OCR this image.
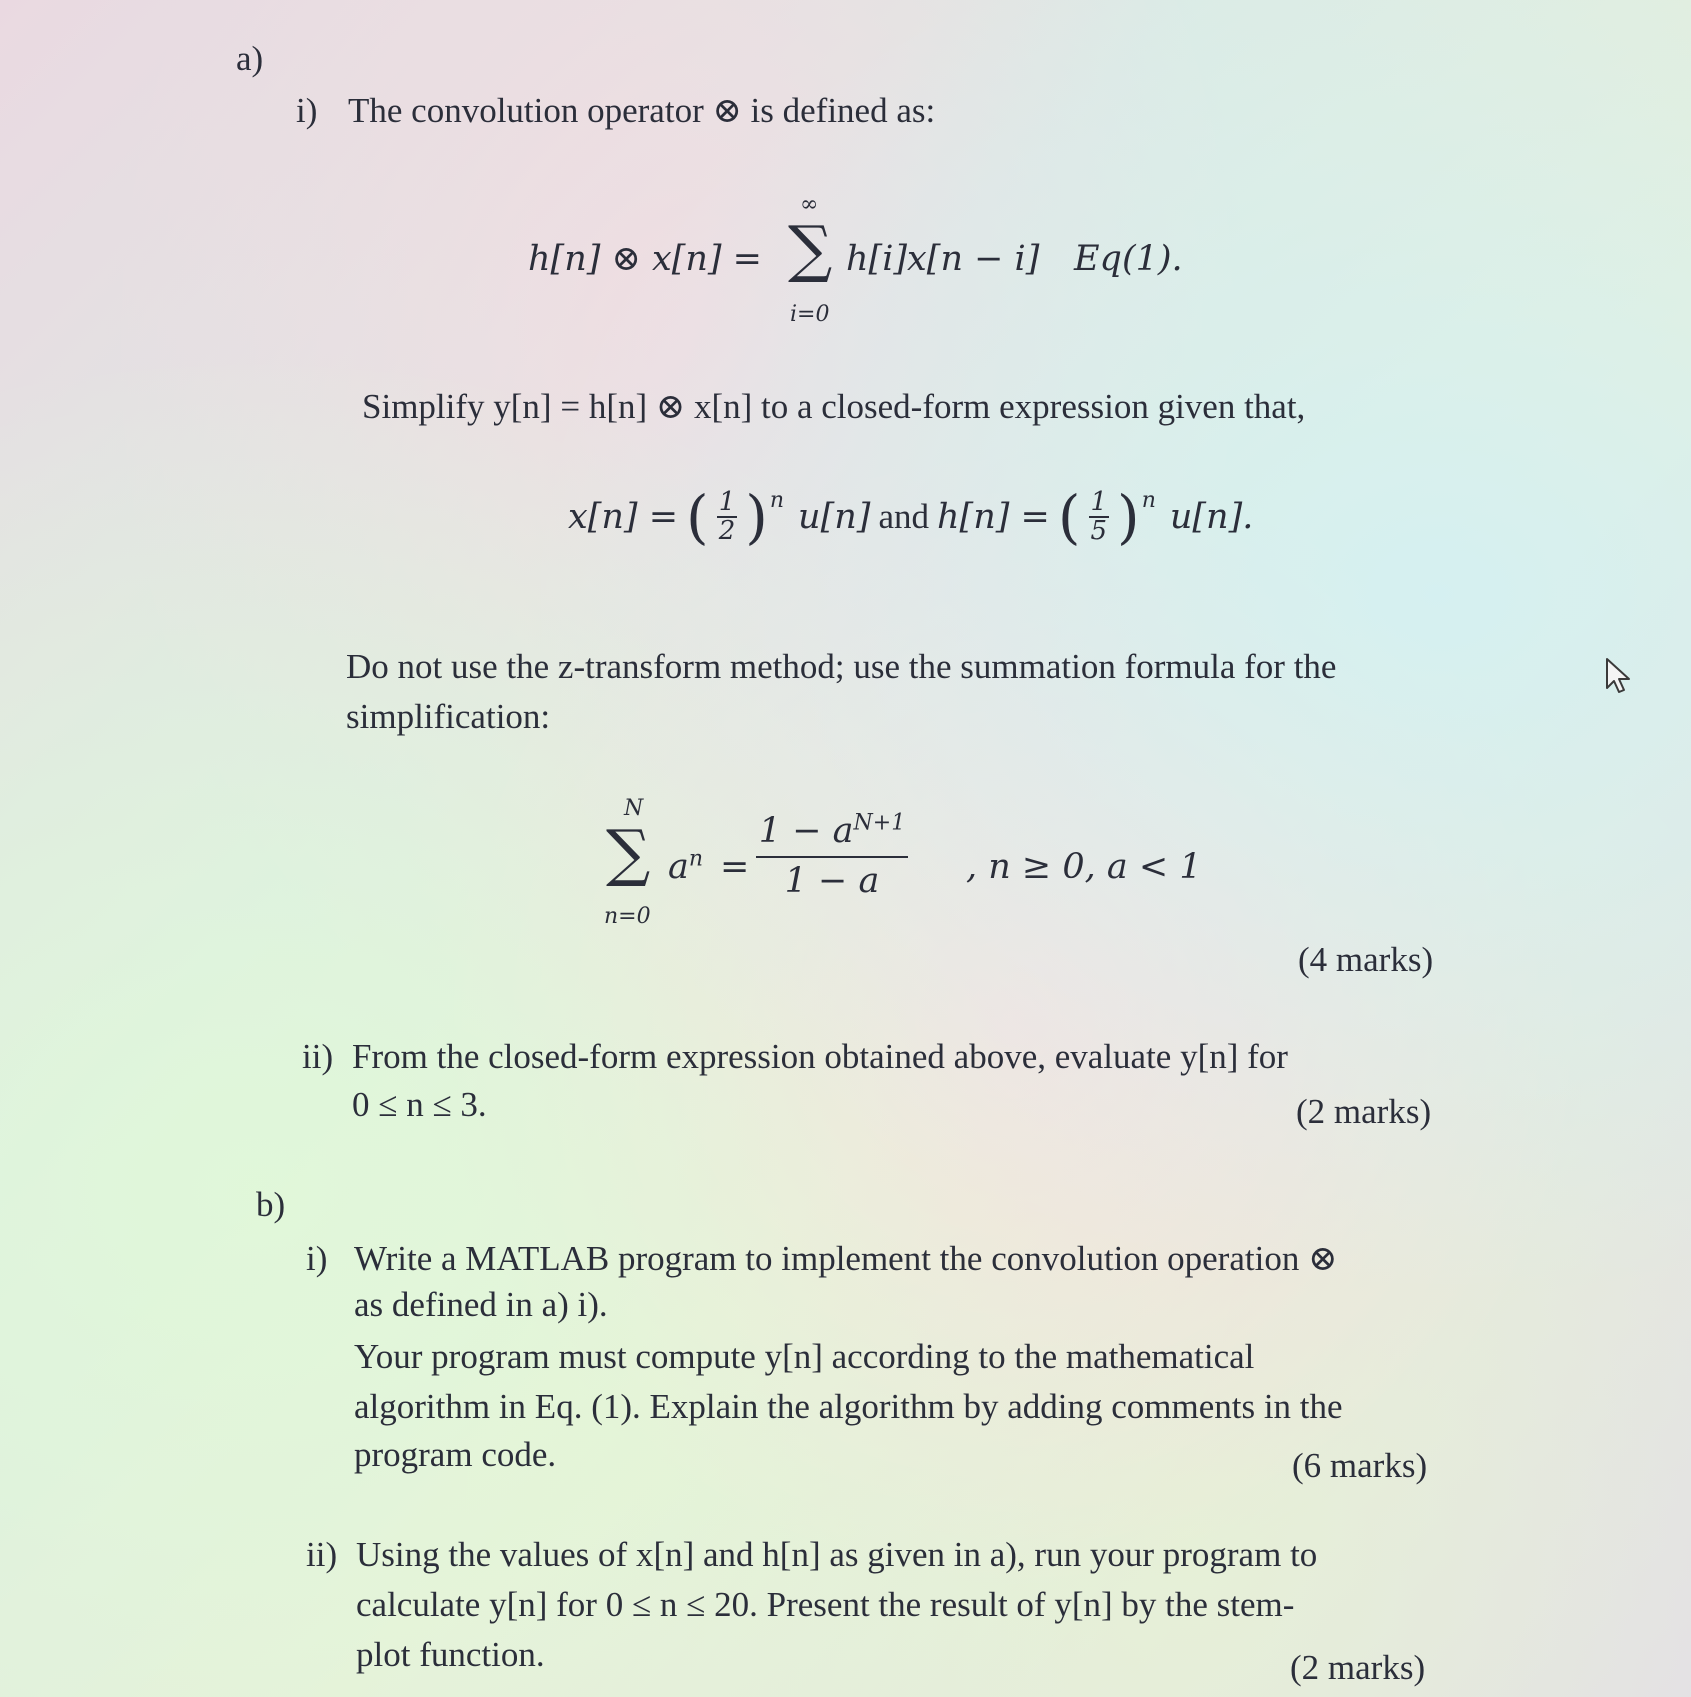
a)
i) The convolution operator ⊗ is defined as:
h[n] ⊗ x[n] =
∞
∑
i=0
h[i]x[n − i] Eq(1).
Simplify y[n] = h[n] ⊗ x[n] to a closed-form expression given that,
x[n] = ( $\frac{1}{2}$ ) n u[n] and h[n] = ( $\frac{1}{5}$ ) n u[n].
Do not use the z-transform method; use the summation formula for the
simplification:
N
∑
n=0
$a^n = \frac{1 - a^{N+1}}{1 - a}$ , n ≥ 0, a < 1
(4 marks)
ii) From the closed-form expression obtained above, evaluate y[n] for
0 ≤ n ≤ 3.	(2 marks)
b)
i) Write a MATLAB program to implement the convolution operation ⊗
as defined in a) i).
Your program must compute y[n] according to the mathematical
algorithm in Eq. (1). Explain the algorithm by adding comments in the
program code.	(6 marks)
ii) Using the values of x[n] and h[n] as given in a), run your program to
calculate y[n] for 0 ≤ n ≤ 20. Present the result of y[n] by the stem-
plot function.	(2 marks)
